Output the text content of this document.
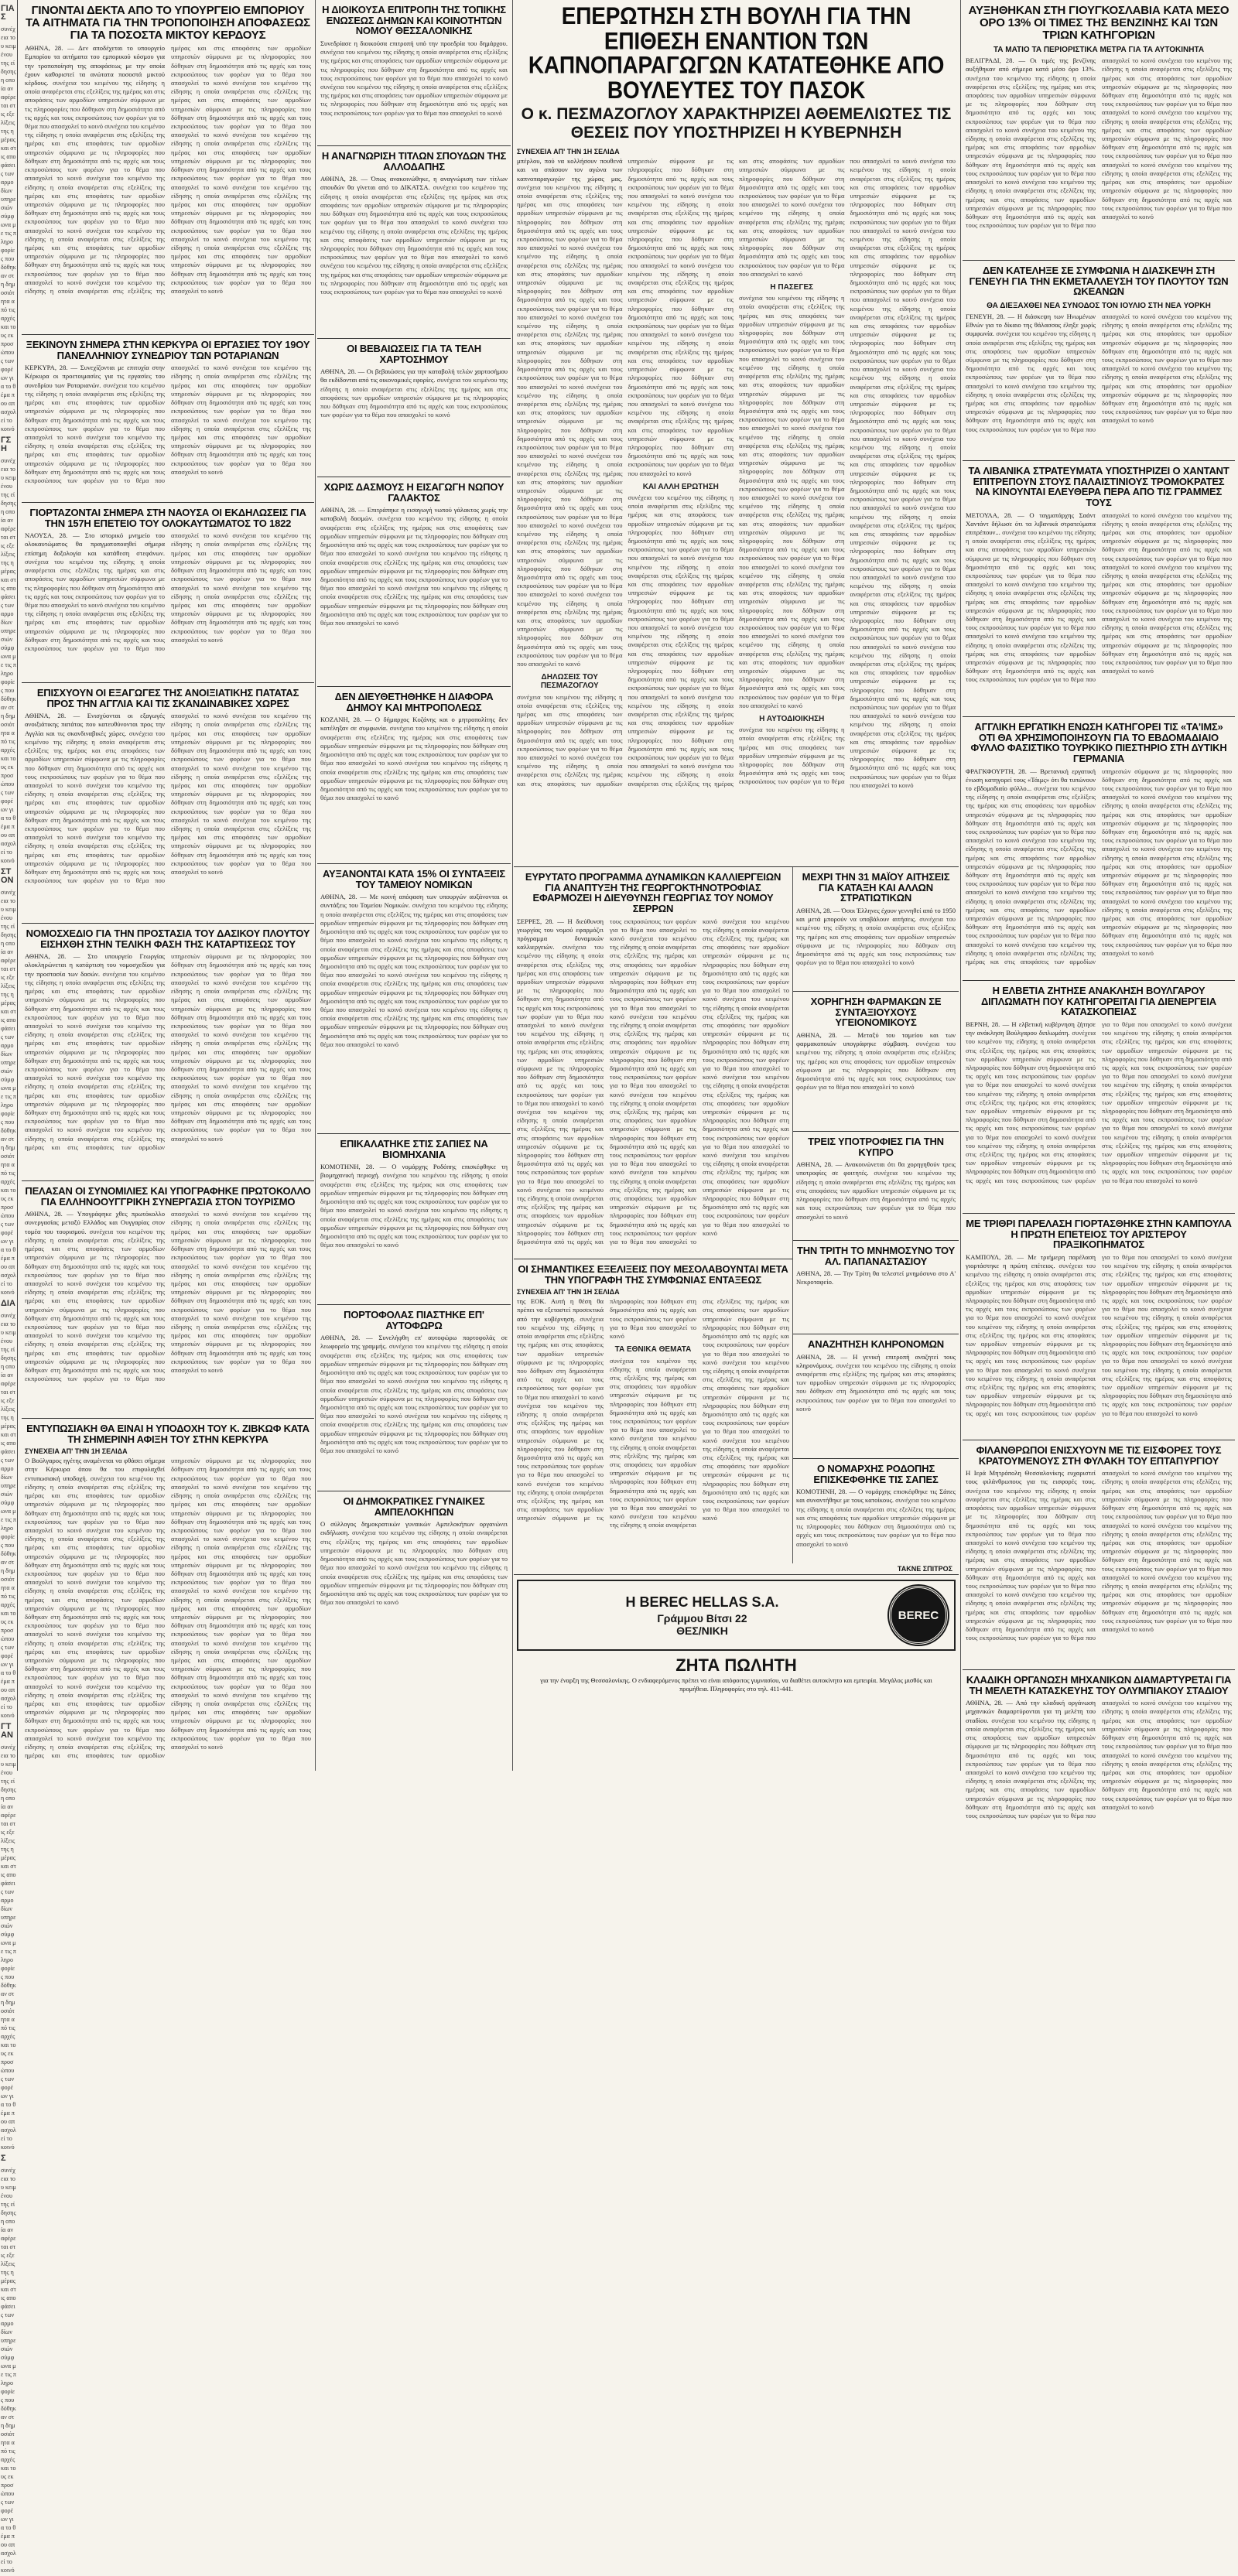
ΓΙΑΣ
συνέχεια του κειμένου της είδησης η οποία αναφέρεται στις εξελίξεις της ημέρας και στις αποφάσεις των αρμοδίων υπηρεσιών σύμφωνα με τις πληροφορίες που δόθηκαν στη δημοσιότητα από τις αρχές και τους εκπροσώπους των φορέων για το θέμα που απασχολεί το κοινό
ΓΣΗ
συνέχεια του κειμένου της είδησης η οποία αναφέρεται στις εξελίξεις της ημέρας και στις αποφάσεις των αρμοδίων υπηρεσιών σύμφωνα με τις πληροφορίες που δόθηκαν στη δημοσιότητα από τις αρχές και τους εκπροσώπους των φορέων για το θέμα που απασχολεί το κοινό
ΣΤΟΝ
συνέχεια του κειμένου της είδησης η οποία αναφέρεται στις εξελίξεις της ημέρας και στις αποφάσεις των αρμοδίων υπηρεσιών σύμφωνα με τις πληροφορίες που δόθηκαν στη δημοσιότητα από τις αρχές και τους εκπροσώπους των φορέων για το θέμα που απασχολεί το κοινό
ΔΙΑ
συνέχεια του κειμένου της είδησης η οποία αναφέρεται στις εξελίξεις της ημέρας και στις αποφάσεις των αρμοδίων υπηρεσιών σύμφωνα με τις πληροφορίες που δόθηκαν στη δημοσιότητα από τις αρχές και τους εκπροσώπους των φορέων για το θέμα που απασχολεί το κοινό
ΓΤΑΝ
συνέχεια του κειμένου της είδησης η οποία αναφέρεται στις εξελίξεις της ημέρας και στις αποφάσεις των αρμοδίων υπηρεσιών σύμφωνα με τις πληροφορίες που δόθηκαν στη δημοσιότητα από τις αρχές και τους εκπροσώπους των φορέων για το θέμα που απασχολεί το κοινό
Σ
συνέχεια του κειμένου της είδησης η οποία αναφέρεται στις εξελίξεις της ημέρας και στις αποφάσεις των αρμοδίων υπηρεσιών σύμφωνα με τις πληροφορίες που δόθηκαν στη δημοσιότητα από τις αρχές και τους εκπροσώπους των φορέων για το θέμα που απασχολεί το κοινό
ΓΙΝΟΝΤΑΙ ΔΕΚΤΑ ΑΠΟ ΤΟ ΥΠΟΥΡΓΕΙΟ ΕΜΠΟΡΙΟΥ ΤΑ ΑΙΤΗΜΑΤΑ ΓΙΑ ΤΗΝ ΤΡΟΠΟΠΟΙΗΣΗ ΑΠΟΦΑΣΕΩΣ ΓΙΑ ΤΑ ΠΟΣΟΣΤΑ ΜΙΚΤΟΥ ΚΕΡΔΟΥΣ
ΑΘΗΝΑ, 28. — Δεν αποδέχεται το υπουργείο Εμπορίου τα αιτήματα του εμπορικού κόσμου για την τροποποίηση της αποφάσεως με την οποία έχουν καθοριστεί τα ανώτατα ποσοστά μικτού κέρδους. συνέχεια του κειμένου της είδησης η οποία αναφέρεται στις εξελίξεις της ημέρας και στις αποφάσεις των αρμοδίων υπηρεσιών σύμφωνα με τις πληροφορίες που δόθηκαν στη δημοσιότητα από τις αρχές και τους εκπροσώπους των φορέων για το θέμα που απασχολεί το κοινό συνέχεια του κειμένου της είδησης η οποία αναφέρεται στις εξελίξεις της ημέρας και στις αποφάσεις των αρμοδίων υπηρεσιών σύμφωνα με τις πληροφορίες που δόθηκαν στη δημοσιότητα από τις αρχές και τους εκπροσώπους των φορέων για το θέμα που απασχολεί το κοινό συνέχεια του κειμένου της είδησης η οποία αναφέρεται στις εξελίξεις της ημέρας και στις αποφάσεις των αρμοδίων υπηρεσιών σύμφωνα με τις πληροφορίες που δόθηκαν στη δημοσιότητα από τις αρχές και τους εκπροσώπους των φορέων για το θέμα που απασχολεί το κοινό συνέχεια του κειμένου της είδησης η οποία αναφέρεται στις εξελίξεις της ημέρας και στις αποφάσεις των αρμοδίων υπηρεσιών σύμφωνα με τις πληροφορίες που δόθηκαν στη δημοσιότητα από τις αρχές και τους εκπροσώπους των φορέων για το θέμα που απασχολεί το κοινό συνέχεια του κειμένου της είδησης η οποία αναφέρεται στις εξελίξεις της ημέρας και στις αποφάσεις των αρμοδίων υπηρεσιών σύμφωνα με τις πληροφορίες που δόθηκαν στη δημοσιότητα από τις αρχές και τους εκπροσώπους των φορέων για το θέμα που απασχολεί το κοινό συνέχεια του κειμένου της είδησης η οποία αναφέρεται στις εξελίξεις της ημέρας και στις αποφάσεις των αρμοδίων υπηρεσιών σύμφωνα με τις πληροφορίες που δόθηκαν στη δημοσιότητα από τις αρχές και τους εκπροσώπους των φορέων για το θέμα που απασχολεί το κοινό συνέχεια του κειμένου της είδησης η οποία αναφέρεται στις εξελίξεις της ημέρας και στις αποφάσεις των αρμοδίων υπηρεσιών σύμφωνα με τις πληροφορίες που δόθηκαν στη δημοσιότητα από τις αρχές και τους εκπροσώπους των φορέων για το θέμα που απασχολεί το κοινό συνέχεια του κειμένου της είδησης η οποία αναφέρεται στις εξελίξεις της ημέρας και στις αποφάσεις των αρμοδίων υπηρεσιών σύμφωνα με τις πληροφορίες που δόθηκαν στη δημοσιότητα από τις αρχές και τους εκπροσώπους των φορέων για το θέμα που απασχολεί το κοινό συνέχεια του κειμένου της είδησης η οποία αναφέρεται στις εξελίξεις της ημέρας και στις αποφάσεις των αρμοδίων υπηρεσιών σύμφωνα με τις πληροφορίες που δόθηκαν στη δημοσιότητα από τις αρχές και τους εκπροσώπους των φορέων για το θέμα που απασχολεί το κοινό
ΞΕΚΙΝΟΥΝ ΣΗΜΕΡΑ ΣΤΗΝ ΚΕΡΚΥΡΑ ΟΙ ΕΡΓΑΣΙΕΣ ΤΟΥ 19ΟΥ ΠΑΝΕΛΛΗΝΙΟΥ ΣΥΝΕΔΡΙΟΥ ΤΩΝ ΡΟΤΑΡΙΑΝΩΝ
ΚΕΡΚΥΡΑ, 28. — Συνεχίζονται με επιτυχία στην Κέρκυρα οι προετοιμασίες για τις εργασίες του συνεδρίου των Ροταριανών. συνέχεια του κειμένου της είδησης η οποία αναφέρεται στις εξελίξεις της ημέρας και στις αποφάσεις των αρμοδίων υπηρεσιών σύμφωνα με τις πληροφορίες που δόθηκαν στη δημοσιότητα από τις αρχές και τους εκπροσώπους των φορέων για το θέμα που απασχολεί το κοινό συνέχεια του κειμένου της είδησης η οποία αναφέρεται στις εξελίξεις της ημέρας και στις αποφάσεις των αρμοδίων υπηρεσιών σύμφωνα με τις πληροφορίες που δόθηκαν στη δημοσιότητα από τις αρχές και τους εκπροσώπους των φορέων για το θέμα που απασχολεί το κοινό συνέχεια του κειμένου της είδησης η οποία αναφέρεται στις εξελίξεις της ημέρας και στις αποφάσεις των αρμοδίων υπηρεσιών σύμφωνα με τις πληροφορίες που δόθηκαν στη δημοσιότητα από τις αρχές και τους εκπροσώπους των φορέων για το θέμα που απασχολεί το κοινό συνέχεια του κειμένου της είδησης η οποία αναφέρεται στις εξελίξεις της ημέρας και στις αποφάσεις των αρμοδίων υπηρεσιών σύμφωνα με τις πληροφορίες που δόθηκαν στη δημοσιότητα από τις αρχές και τους εκπροσώπους των φορέων για το θέμα που απασχολεί το κοινό
ΓΙΟΡΤΑΖΟΝΤΑΙ ΣΗΜΕΡΑ ΣΤΗ ΝΑΟΥΣΑ ΟΙ ΕΚΔΗΛΩΣΕΙΣ ΓΙΑ ΤΗΝ 157Η ΕΠΕΤΕΙΟ ΤΟΥ ΟΛΟΚΑΥΤΩΜΑΤΟΣ ΤΟ 1822
ΝΑΟΥΣΑ, 28. — Στο ιστορικό μνημείο του ολοκαυτώματος θα πραγματοποιηθεί σήμερα επίσημη δοξολογία και κατάθεση στεφάνων. συνέχεια του κειμένου της είδησης η οποία αναφέρεται στις εξελίξεις της ημέρας και στις αποφάσεις των αρμοδίων υπηρεσιών σύμφωνα με τις πληροφορίες που δόθηκαν στη δημοσιότητα από τις αρχές και τους εκπροσώπους των φορέων για το θέμα που απασχολεί το κοινό συνέχεια του κειμένου της είδησης η οποία αναφέρεται στις εξελίξεις της ημέρας και στις αποφάσεις των αρμοδίων υπηρεσιών σύμφωνα με τις πληροφορίες που δόθηκαν στη δημοσιότητα από τις αρχές και τους εκπροσώπους των φορέων για το θέμα που απασχολεί το κοινό συνέχεια του κειμένου της είδησης η οποία αναφέρεται στις εξελίξεις της ημέρας και στις αποφάσεις των αρμοδίων υπηρεσιών σύμφωνα με τις πληροφορίες που δόθηκαν στη δημοσιότητα από τις αρχές και τους εκπροσώπους των φορέων για το θέμα που απασχολεί το κοινό συνέχεια του κειμένου της είδησης η οποία αναφέρεται στις εξελίξεις της ημέρας και στις αποφάσεις των αρμοδίων υπηρεσιών σύμφωνα με τις πληροφορίες που δόθηκαν στη δημοσιότητα από τις αρχές και τους εκπροσώπους των φορέων για το θέμα που απασχολεί το κοινό
ΕΠΙΣΧΥΟΥΝ ΟΙ ΕΞΑΓΩΓΕΣ ΤΗΣ ΑΝΟΙΞΙΑΤΙΚΗΣ ΠΑΤΑΤΑΣ ΠΡΟΣ ΤΗΝ ΑΓΓΛΙΑ ΚΑΙ ΤΙΣ ΣΚΑΝΔΙΝΑΒΙΚΕΣ ΧΩΡΕΣ
ΑΘΗΝΑ, 28. — Ενισχύονται οι εξαγωγές ανοιξιάτικης πατάτας που κατευθύνονται προς την Αγγλία και τις σκανδιναβικές χώρες. συνέχεια του κειμένου της είδησης η οποία αναφέρεται στις εξελίξεις της ημέρας και στις αποφάσεις των αρμοδίων υπηρεσιών σύμφωνα με τις πληροφορίες που δόθηκαν στη δημοσιότητα από τις αρχές και τους εκπροσώπους των φορέων για το θέμα που απασχολεί το κοινό συνέχεια του κειμένου της είδησης η οποία αναφέρεται στις εξελίξεις της ημέρας και στις αποφάσεις των αρμοδίων υπηρεσιών σύμφωνα με τις πληροφορίες που δόθηκαν στη δημοσιότητα από τις αρχές και τους εκπροσώπους των φορέων για το θέμα που απασχολεί το κοινό συνέχεια του κειμένου της είδησης η οποία αναφέρεται στις εξελίξεις της ημέρας και στις αποφάσεις των αρμοδίων υπηρεσιών σύμφωνα με τις πληροφορίες που δόθηκαν στη δημοσιότητα από τις αρχές και τους εκπροσώπους των φορέων για το θέμα που απασχολεί το κοινό συνέχεια του κειμένου της είδησης η οποία αναφέρεται στις εξελίξεις της ημέρας και στις αποφάσεις των αρμοδίων υπηρεσιών σύμφωνα με τις πληροφορίες που δόθηκαν στη δημοσιότητα από τις αρχές και τους εκπροσώπους των φορέων για το θέμα που απασχολεί το κοινό συνέχεια του κειμένου της είδησης η οποία αναφέρεται στις εξελίξεις της ημέρας και στις αποφάσεις των αρμοδίων υπηρεσιών σύμφωνα με τις πληροφορίες που δόθηκαν στη δημοσιότητα από τις αρχές και τους εκπροσώπους των φορέων για το θέμα που απασχολεί το κοινό συνέχεια του κειμένου της είδησης η οποία αναφέρεται στις εξελίξεις της ημέρας και στις αποφάσεις των αρμοδίων υπηρεσιών σύμφωνα με τις πληροφορίες που δόθηκαν στη δημοσιότητα από τις αρχές και τους εκπροσώπους των φορέων για το θέμα που απασχολεί το κοινό
ΝΟΜΟΣΧΕΔΙΟ ΓΙΑ ΤΗΝ ΠΡΟΣΤΑΣΙΑ ΤΟΥ ΔΑΣΙΚΟΥ ΠΛΟΥΤΟΥ ΕΙΣΗΧΘΗ ΣΤΗΝ ΤΕΛΙΚΗ ΦΑΣΗ ΤΗΣ ΚΑΤΑΡΤΙΣΕΩΣ ΤΟΥ
ΑΘΗΝΑ, 28. — Στο υπουργείο Γεωργίας ολοκληρώνεται η κατάρτιση του νομοσχεδίου για την προστασία των δασών. συνέχεια του κειμένου της είδησης η οποία αναφέρεται στις εξελίξεις της ημέρας και στις αποφάσεις των αρμοδίων υπηρεσιών σύμφωνα με τις πληροφορίες που δόθηκαν στη δημοσιότητα από τις αρχές και τους εκπροσώπους των φορέων για το θέμα που απασχολεί το κοινό συνέχεια του κειμένου της είδησης η οποία αναφέρεται στις εξελίξεις της ημέρας και στις αποφάσεις των αρμοδίων υπηρεσιών σύμφωνα με τις πληροφορίες που δόθηκαν στη δημοσιότητα από τις αρχές και τους εκπροσώπους των φορέων για το θέμα που απασχολεί το κοινό συνέχεια του κειμένου της είδησης η οποία αναφέρεται στις εξελίξεις της ημέρας και στις αποφάσεις των αρμοδίων υπηρεσιών σύμφωνα με τις πληροφορίες που δόθηκαν στη δημοσιότητα από τις αρχές και τους εκπροσώπους των φορέων για το θέμα που απασχολεί το κοινό συνέχεια του κειμένου της είδησης η οποία αναφέρεται στις εξελίξεις της ημέρας και στις αποφάσεις των αρμοδίων υπηρεσιών σύμφωνα με τις πληροφορίες που δόθηκαν στη δημοσιότητα από τις αρχές και τους εκπροσώπους των φορέων για το θέμα που απασχολεί το κοινό συνέχεια του κειμένου της είδησης η οποία αναφέρεται στις εξελίξεις της ημέρας και στις αποφάσεις των αρμοδίων υπηρεσιών σύμφωνα με τις πληροφορίες που δόθηκαν στη δημοσιότητα από τις αρχές και τους εκπροσώπους των φορέων για το θέμα που απασχολεί το κοινό συνέχεια του κειμένου της είδησης η οποία αναφέρεται στις εξελίξεις της ημέρας και στις αποφάσεις των αρμοδίων υπηρεσιών σύμφωνα με τις πληροφορίες που δόθηκαν στη δημοσιότητα από τις αρχές και τους εκπροσώπους των φορέων για το θέμα που απασχολεί το κοινό συνέχεια του κειμένου της είδησης η οποία αναφέρεται στις εξελίξεις της ημέρας και στις αποφάσεις των αρμοδίων υπηρεσιών σύμφωνα με τις πληροφορίες που δόθηκαν στη δημοσιότητα από τις αρχές και τους εκπροσώπους των φορέων για το θέμα που απασχολεί το κοινό
ΠΕΛΑΣΑΝ ΟΙ ΣΥΝΟΜΙΛΙΕΣ ΚΑΙ ΥΠΟΓΡΑΦΗΚΕ ΠΡΩΤΟΚΟΛΛΟ ΓΙΑ ΕΛΛΗΝΟΟΥΓΓΡΙΚΗ ΣΥΝΕΡΓΑΣΙΑ ΣΤΟΝ ΤΟΥΡΙΣΜΟ
ΑΘΗΝΑ, 28. — Υπογράφηκε χθες πρωτόκολλο συνεργασίας μεταξύ Ελλάδος και Ουγγαρίας στον τομέα του τουρισμού. συνέχεια του κειμένου της είδησης η οποία αναφέρεται στις εξελίξεις της ημέρας και στις αποφάσεις των αρμοδίων υπηρεσιών σύμφωνα με τις πληροφορίες που δόθηκαν στη δημοσιότητα από τις αρχές και τους εκπροσώπους των φορέων για το θέμα που απασχολεί το κοινό συνέχεια του κειμένου της είδησης η οποία αναφέρεται στις εξελίξεις της ημέρας και στις αποφάσεις των αρμοδίων υπηρεσιών σύμφωνα με τις πληροφορίες που δόθηκαν στη δημοσιότητα από τις αρχές και τους εκπροσώπους των φορέων για το θέμα που απασχολεί το κοινό συνέχεια του κειμένου της είδησης η οποία αναφέρεται στις εξελίξεις της ημέρας και στις αποφάσεις των αρμοδίων υπηρεσιών σύμφωνα με τις πληροφορίες που δόθηκαν στη δημοσιότητα από τις αρχές και τους εκπροσώπους των φορέων για το θέμα που απασχολεί το κοινό συνέχεια του κειμένου της είδησης η οποία αναφέρεται στις εξελίξεις της ημέρας και στις αποφάσεις των αρμοδίων υπηρεσιών σύμφωνα με τις πληροφορίες που δόθηκαν στη δημοσιότητα από τις αρχές και τους εκπροσώπους των φορέων για το θέμα που απασχολεί το κοινό συνέχεια του κειμένου της είδησης η οποία αναφέρεται στις εξελίξεις της ημέρας και στις αποφάσεις των αρμοδίων υπηρεσιών σύμφωνα με τις πληροφορίες που δόθηκαν στη δημοσιότητα από τις αρχές και τους εκπροσώπους των φορέων για το θέμα που απασχολεί το κοινό συνέχεια του κειμένου της είδησης η οποία αναφέρεται στις εξελίξεις της ημέρας και στις αποφάσεις των αρμοδίων υπηρεσιών σύμφωνα με τις πληροφορίες που δόθηκαν στη δημοσιότητα από τις αρχές και τους εκπροσώπους των φορέων για το θέμα που απασχολεί το κοινό
ΕΝΤΥΠΩΣΙΑΚΗ ΘΑ ΕΙΝΑΙ Η ΥΠΟΔΟΧΗ ΤΟΥ Κ. ΖΙΒΚΩΦ ΚΑΤΑ ΤΗ ΣΗΜΕΡΙΝΗ ΑΦΙΞΗ ΤΟΥ ΣΤΗΝ ΚΕΡΚΥΡΑ
ΣΥΝΕΧΕΙΑ ΑΠ' ΤΗΝ 1Η ΣΕΛΙΔΑ
Ο Βούλγαρος ηγέτης αναμένεται να φθάσει σήμερα στην Κέρκυρα όπου θα του επιφυλαχθεί εντυπωσιακή υποδοχή. συνέχεια του κειμένου της είδησης η οποία αναφέρεται στις εξελίξεις της ημέρας και στις αποφάσεις των αρμοδίων υπηρεσιών σύμφωνα με τις πληροφορίες που δόθηκαν στη δημοσιότητα από τις αρχές και τους εκπροσώπους των φορέων για το θέμα που απασχολεί το κοινό συνέχεια του κειμένου της είδησης η οποία αναφέρεται στις εξελίξεις της ημέρας και στις αποφάσεις των αρμοδίων υπηρεσιών σύμφωνα με τις πληροφορίες που δόθηκαν στη δημοσιότητα από τις αρχές και τους εκπροσώπους των φορέων για το θέμα που απασχολεί το κοινό συνέχεια του κειμένου της είδησης η οποία αναφέρεται στις εξελίξεις της ημέρας και στις αποφάσεις των αρμοδίων υπηρεσιών σύμφωνα με τις πληροφορίες που δόθηκαν στη δημοσιότητα από τις αρχές και τους εκπροσώπους των φορέων για το θέμα που απασχολεί το κοινό συνέχεια του κειμένου της είδησης η οποία αναφέρεται στις εξελίξεις της ημέρας και στις αποφάσεις των αρμοδίων υπηρεσιών σύμφωνα με τις πληροφορίες που δόθηκαν στη δημοσιότητα από τις αρχές και τους εκπροσώπους των φορέων για το θέμα που απασχολεί το κοινό συνέχεια του κειμένου της είδησης η οποία αναφέρεται στις εξελίξεις της ημέρας και στις αποφάσεις των αρμοδίων υπηρεσιών σύμφωνα με τις πληροφορίες που δόθηκαν στη δημοσιότητα από τις αρχές και τους εκπροσώπους των φορέων για το θέμα που απασχολεί το κοινό συνέχεια του κειμένου της είδησης η οποία αναφέρεται στις εξελίξεις της ημέρας και στις αποφάσεις των αρμοδίων υπηρεσιών σύμφωνα με τις πληροφορίες που δόθηκαν στη δημοσιότητα από τις αρχές και τους εκπροσώπους των φορέων για το θέμα που απασχολεί το κοινό συνέχεια του κειμένου της είδησης η οποία αναφέρεται στις εξελίξεις της ημέρας και στις αποφάσεις των αρμοδίων υπηρεσιών σύμφωνα με τις πληροφορίες που δόθηκαν στη δημοσιότητα από τις αρχές και τους εκπροσώπους των φορέων για το θέμα που απασχολεί το κοινό συνέχεια του κειμένου της είδησης η οποία αναφέρεται στις εξελίξεις της ημέρας και στις αποφάσεις των αρμοδίων υπηρεσιών σύμφωνα με τις πληροφορίες που δόθηκαν στη δημοσιότητα από τις αρχές και τους εκπροσώπους των φορέων για το θέμα που απασχολεί το κοινό συνέχεια του κειμένου της είδησης η οποία αναφέρεται στις εξελίξεις της ημέρας και στις αποφάσεις των αρμοδίων υπηρεσιών σύμφωνα με τις πληροφορίες που δόθηκαν στη δημοσιότητα από τις αρχές και τους εκπροσώπους των φορέων για το θέμα που απασχολεί το κοινό συνέχεια του κειμένου της είδησης η οποία αναφέρεται στις εξελίξεις της ημέρας και στις αποφάσεις των αρμοδίων υπηρεσιών σύμφωνα με τις πληροφορίες που δόθηκαν στη δημοσιότητα από τις αρχές και τους εκπροσώπους των φορέων για το θέμα που απασχολεί το κοινό συνέχεια του κειμένου της είδησης η οποία αναφέρεται στις εξελίξεις της ημέρας και στις αποφάσεις των αρμοδίων υπηρεσιών σύμφωνα με τις πληροφορίες που δόθηκαν στη δημοσιότητα από τις αρχές και τους εκπροσώπους των φορέων για το θέμα που απασχολεί το κοινό
Η ΔΙΟΙΚΟΥΣΑ ΕΠΙΤΡΟΠΗ ΤΗΣ ΤΟΠΙΚΗΣ ΕΝΩΣΕΩΣ ΔΗΜΩΝ ΚΑΙ ΚΟΙΝΟΤΗΤΩΝ ΝΟΜΟΥ ΘΕΣΣΑΛΟΝΙΚΗΣ
Συνεδρίασε η διοικούσα επιτροπή υπό την προεδρία του δημάρχου. συνέχεια του κειμένου της είδησης η οποία αναφέρεται στις εξελίξεις της ημέρας και στις αποφάσεις των αρμοδίων υπηρεσιών σύμφωνα με τις πληροφορίες που δόθηκαν στη δημοσιότητα από τις αρχές και τους εκπροσώπους των φορέων για το θέμα που απασχολεί το κοινό συνέχεια του κειμένου της είδησης η οποία αναφέρεται στις εξελίξεις της ημέρας και στις αποφάσεις των αρμοδίων υπηρεσιών σύμφωνα με τις πληροφορίες που δόθηκαν στη δημοσιότητα από τις αρχές και τους εκπροσώπους των φορέων για το θέμα που απασχολεί το κοινό
Η ΑΝΑΓΝΩΡΙΣΗ ΤΙΤΛΩΝ ΣΠΟΥΔΩΝ ΤΗΣ ΑΛΛΟΔΑΠΗΣ
ΑΘΗΝΑ, 28. — Όπως ανακοινώθηκε, η αναγνώριση των τίτλων σπουδών θα γίνεται από το ΔΙΚΑΤΣΑ. συνέχεια του κειμένου της είδησης η οποία αναφέρεται στις εξελίξεις της ημέρας και στις αποφάσεις των αρμοδίων υπηρεσιών σύμφωνα με τις πληροφορίες που δόθηκαν στη δημοσιότητα από τις αρχές και τους εκπροσώπους των φορέων για το θέμα που απασχολεί το κοινό συνέχεια του κειμένου της είδησης η οποία αναφέρεται στις εξελίξεις της ημέρας και στις αποφάσεις των αρμοδίων υπηρεσιών σύμφωνα με τις πληροφορίες που δόθηκαν στη δημοσιότητα από τις αρχές και τους εκπροσώπους των φορέων για το θέμα που απασχολεί το κοινό συνέχεια του κειμένου της είδησης η οποία αναφέρεται στις εξελίξεις της ημέρας και στις αποφάσεις των αρμοδίων υπηρεσιών σύμφωνα με τις πληροφορίες που δόθηκαν στη δημοσιότητα από τις αρχές και τους εκπροσώπους των φορέων για το θέμα που απασχολεί το κοινό
ΟΙ ΒΕΒΑΙΩΣΕΙΣ ΓΙΑ ΤΑ ΤΕΛΗ ΧΑΡΤΟΣΗΜΟΥ
ΑΘΗΝΑ, 28. — Οι βεβαιώσεις για την καταβολή τελών χαρτοσήμου θα εκδίδονται από τις οικονομικές εφορίες. συνέχεια του κειμένου της είδησης η οποία αναφέρεται στις εξελίξεις της ημέρας και στις αποφάσεις των αρμοδίων υπηρεσιών σύμφωνα με τις πληροφορίες που δόθηκαν στη δημοσιότητα από τις αρχές και τους εκπροσώπους των φορέων για το θέμα που απασχολεί το κοινό
ΧΩΡΙΣ ΔΑΣΜΟΥΣ Η ΕΙΣΑΓΩΓΗ ΝΩΠΟΥ ΓΑΛΑΚΤΟΣ
ΑΘΗΝΑ, 28. — Επιτράπηκε η εισαγωγή νωπού γάλακτος χωρίς την καταβολή δασμών. συνέχεια του κειμένου της είδησης η οποία αναφέρεται στις εξελίξεις της ημέρας και στις αποφάσεις των αρμοδίων υπηρεσιών σύμφωνα με τις πληροφορίες που δόθηκαν στη δημοσιότητα από τις αρχές και τους εκπροσώπους των φορέων για το θέμα που απασχολεί το κοινό συνέχεια του κειμένου της είδησης η οποία αναφέρεται στις εξελίξεις της ημέρας και στις αποφάσεις των αρμοδίων υπηρεσιών σύμφωνα με τις πληροφορίες που δόθηκαν στη δημοσιότητα από τις αρχές και τους εκπροσώπους των φορέων για το θέμα που απασχολεί το κοινό συνέχεια του κειμένου της είδησης η οποία αναφέρεται στις εξελίξεις της ημέρας και στις αποφάσεις των αρμοδίων υπηρεσιών σύμφωνα με τις πληροφορίες που δόθηκαν στη δημοσιότητα από τις αρχές και τους εκπροσώπους των φορέων για το θέμα που απασχολεί το κοινό
ΔΕΝ ΔΙΕΥΘΕΤΗΘΗΚΕ Η ΔΙΑΦΟΡΑ ΔΗΜΟΥ ΚΑΙ ΜΗΤΡΟΠΟΛΕΩΣ
ΚΟΖΑΝΗ, 28. — Ο δήμαρχος Κοζάνης και ο μητροπολίτης δεν κατέληξαν σε συμφωνία. συνέχεια του κειμένου της είδησης η οποία αναφέρεται στις εξελίξεις της ημέρας και στις αποφάσεις των αρμοδίων υπηρεσιών σύμφωνα με τις πληροφορίες που δόθηκαν στη δημοσιότητα από τις αρχές και τους εκπροσώπους των φορέων για το θέμα που απασχολεί το κοινό συνέχεια του κειμένου της είδησης η οποία αναφέρεται στις εξελίξεις της ημέρας και στις αποφάσεις των αρμοδίων υπηρεσιών σύμφωνα με τις πληροφορίες που δόθηκαν στη δημοσιότητα από τις αρχές και τους εκπροσώπους των φορέων για το θέμα που απασχολεί το κοινό
ΑΥΞΑΝΟΝΤΑΙ ΚΑΤΑ 15% ΟΙ ΣΥΝΤΑΞΕΙΣ ΤΟΥ ΤΑΜΕΙΟΥ ΝΟΜΙΚΩΝ
ΑΘΗΝΑ, 28. — Με κοινή απόφαση των υπουργών αυξάνονται οι συντάξεις του Ταμείου Νομικών. συνέχεια του κειμένου της είδησης η οποία αναφέρεται στις εξελίξεις της ημέρας και στις αποφάσεις των αρμοδίων υπηρεσιών σύμφωνα με τις πληροφορίες που δόθηκαν στη δημοσιότητα από τις αρχές και τους εκπροσώπους των φορέων για το θέμα που απασχολεί το κοινό συνέχεια του κειμένου της είδησης η οποία αναφέρεται στις εξελίξεις της ημέρας και στις αποφάσεις των αρμοδίων υπηρεσιών σύμφωνα με τις πληροφορίες που δόθηκαν στη δημοσιότητα από τις αρχές και τους εκπροσώπους των φορέων για το θέμα που απασχολεί το κοινό συνέχεια του κειμένου της είδησης η οποία αναφέρεται στις εξελίξεις της ημέρας και στις αποφάσεις των αρμοδίων υπηρεσιών σύμφωνα με τις πληροφορίες που δόθηκαν στη δημοσιότητα από τις αρχές και τους εκπροσώπους των φορέων για το θέμα που απασχολεί το κοινό συνέχεια του κειμένου της είδησης η οποία αναφέρεται στις εξελίξεις της ημέρας και στις αποφάσεις των αρμοδίων υπηρεσιών σύμφωνα με τις πληροφορίες που δόθηκαν στη δημοσιότητα από τις αρχές και τους εκπροσώπους των φορέων για το θέμα που απασχολεί το κοινό
ΕΠΙΚΑΛΑΤΗΚΕ ΣΤΙΣ ΣΑΠΙΕΣ ΝΑ ΒΙΟΜΗΧΑΝΙΑ
ΚΟΜΟΤΗΝΗ, 28. — Ο νομάρχης Ροδόπης επισκέφθηκε τη βιομηχανική περιοχή. συνέχεια του κειμένου της είδησης η οποία αναφέρεται στις εξελίξεις της ημέρας και στις αποφάσεις των αρμοδίων υπηρεσιών σύμφωνα με τις πληροφορίες που δόθηκαν στη δημοσιότητα από τις αρχές και τους εκπροσώπους των φορέων για το θέμα που απασχολεί το κοινό συνέχεια του κειμένου της είδησης η οποία αναφέρεται στις εξελίξεις της ημέρας και στις αποφάσεις των αρμοδίων υπηρεσιών σύμφωνα με τις πληροφορίες που δόθηκαν στη δημοσιότητα από τις αρχές και τους εκπροσώπους των φορέων για το θέμα που απασχολεί το κοινό
ΠΟΡΤΟΦΟΛΑΣ ΠΙΑΣΤΗΚΕ ΕΠ' ΑΥΤΟΦΩΡΩ
ΑΘΗΝΑ, 28. — Συνελήφθη επ' αυτοφώρω πορτοφολάς σε λεωφορείο της γραμμής. συνέχεια του κειμένου της είδησης η οποία αναφέρεται στις εξελίξεις της ημέρας και στις αποφάσεις των αρμοδίων υπηρεσιών σύμφωνα με τις πληροφορίες που δόθηκαν στη δημοσιότητα από τις αρχές και τους εκπροσώπους των φορέων για το θέμα που απασχολεί το κοινό συνέχεια του κειμένου της είδησης η οποία αναφέρεται στις εξελίξεις της ημέρας και στις αποφάσεις των αρμοδίων υπηρεσιών σύμφωνα με τις πληροφορίες που δόθηκαν στη δημοσιότητα από τις αρχές και τους εκπροσώπους των φορέων για το θέμα που απασχολεί το κοινό συνέχεια του κειμένου της είδησης η οποία αναφέρεται στις εξελίξεις της ημέρας και στις αποφάσεις των αρμοδίων υπηρεσιών σύμφωνα με τις πληροφορίες που δόθηκαν στη δημοσιότητα από τις αρχές και τους εκπροσώπους των φορέων για το θέμα που απασχολεί το κοινό
ΟΙ ΔΗΜΟΚΡΑΤΙΚΕΣ ΓΥΝΑΙΚΕΣ ΑΜΠΕΛΟΚΗΠΩΝ
Ο σύλλογος δημοκρατικών γυναικών Αμπελοκήπων οργανώνει εκδήλωση. συνέχεια του κειμένου της είδησης η οποία αναφέρεται στις εξελίξεις της ημέρας και στις αποφάσεις των αρμοδίων υπηρεσιών σύμφωνα με τις πληροφορίες που δόθηκαν στη δημοσιότητα από τις αρχές και τους εκπροσώπους των φορέων για το θέμα που απασχολεί το κοινό συνέχεια του κειμένου της είδησης η οποία αναφέρεται στις εξελίξεις της ημέρας και στις αποφάσεις των αρμοδίων υπηρεσιών σύμφωνα με τις πληροφορίες που δόθηκαν στη δημοσιότητα από τις αρχές και τους εκπροσώπους των φορέων για το θέμα που απασχολεί το κοινό
ΕΠΕΡΩΤΗΣΗ ΣΤΗ ΒΟΥΛΗ ΓΙΑ ΤΗΝ ΕΠΙΘΕΣΗ ΕΝΑΝΤΙΟΝ ΤΩΝ ΚΑΠΝΟΠΑΡΑΓΩΓΩΝ ΚΑΤΑΤΕΘΗΚΕ ΑΠΟ ΒΟΥΛΕΥΤΕΣ ΤΟΥ ΠΑΣΟΚ
Ο κ. ΠΕΣΜΑΖΟΓΛΟΥ ΧΑΡΑΚΤΗΡΙΖΕΙ ΑΘΕΜΕΛΙΩΤΕΣ ΤΙΣ ΘΕΣΕΙΣ ΠΟΥ ΥΠΟΣΤΗΡΙΖΕΙ Η ΚΥΒΕΡΝΗΣΗ
ΣΥΝΕΧΕΙΑ ΑΠ' ΤΗΝ 1Η ΣΕΛΙΔΑ
μπέρλου, πού να κολλήσουν πουθενά και να σπάσουν τον αγώνα των καπνοπαραγωγών της χώρας μας. συνέχεια του κειμένου της είδησης η οποία αναφέρεται στις εξελίξεις της ημέρας και στις αποφάσεις των αρμοδίων υπηρεσιών σύμφωνα με τις πληροφορίες που δόθηκαν στη δημοσιότητα από τις αρχές και τους εκπροσώπους των φορέων για το θέμα που απασχολεί το κοινό συνέχεια του κειμένου της είδησης η οποία αναφέρεται στις εξελίξεις της ημέρας και στις αποφάσεις των αρμοδίων υπηρεσιών σύμφωνα με τις πληροφορίες που δόθηκαν στη δημοσιότητα από τις αρχές και τους εκπροσώπους των φορέων για το θέμα που απασχολεί το κοινό συνέχεια του κειμένου της είδησης η οποία αναφέρεται στις εξελίξεις της ημέρας και στις αποφάσεις των αρμοδίων υπηρεσιών σύμφωνα με τις πληροφορίες που δόθηκαν στη δημοσιότητα από τις αρχές και τους εκπροσώπους των φορέων για το θέμα που απασχολεί το κοινό συνέχεια του κειμένου της είδησης η οποία αναφέρεται στις εξελίξεις της ημέρας και στις αποφάσεις των αρμοδίων υπηρεσιών σύμφωνα με τις πληροφορίες που δόθηκαν στη δημοσιότητα από τις αρχές και τους εκπροσώπους των φορέων για το θέμα που απασχολεί το κοινό συνέχεια του κειμένου της είδησης η οποία αναφέρεται στις εξελίξεις της ημέρας και στις αποφάσεις των αρμοδίων υπηρεσιών σύμφωνα με τις πληροφορίες που δόθηκαν στη δημοσιότητα από τις αρχές και τους εκπροσώπους των φορέων για το θέμα που απασχολεί το κοινό συνέχεια του κειμένου της είδησης η οποία αναφέρεται στις εξελίξεις της ημέρας και στις αποφάσεις των αρμοδίων υπηρεσιών σύμφωνα με τις πληροφορίες που δόθηκαν στη δημοσιότητα από τις αρχές και τους εκπροσώπους των φορέων για το θέμα που απασχολεί το κοινό συνέχεια του κειμένου της είδησης η οποία αναφέρεται στις εξελίξεις της ημέρας και στις αποφάσεις των αρμοδίων υπηρεσιών σύμφωνα με τις πληροφορίες που δόθηκαν στη δημοσιότητα από τις αρχές και τους εκπροσώπους των φορέων για το θέμα που απασχολεί το κοινό
ΔΗΛΩΣΕΙΣ ΤΟΥ ΠΕΣΜΑΖΟΓΛΟΥ
συνέχεια του κειμένου της είδησης η οποία αναφέρεται στις εξελίξεις της ημέρας και στις αποφάσεις των αρμοδίων υπηρεσιών σύμφωνα με τις πληροφορίες που δόθηκαν στη δημοσιότητα από τις αρχές και τους εκπροσώπους των φορέων για το θέμα που απασχολεί το κοινό συνέχεια του κειμένου της είδησης η οποία αναφέρεται στις εξελίξεις της ημέρας και στις αποφάσεις των αρμοδίων υπηρεσιών σύμφωνα με τις πληροφορίες που δόθηκαν στη δημοσιότητα από τις αρχές και τους εκπροσώπους των φορέων για το θέμα που απασχολεί το κοινό συνέχεια του κειμένου της είδησης η οποία αναφέρεται στις εξελίξεις της ημέρας και στις αποφάσεις των αρμοδίων υπηρεσιών σύμφωνα με τις πληροφορίες που δόθηκαν στη δημοσιότητα από τις αρχές και τους εκπροσώπους των φορέων για το θέμα που απασχολεί το κοινό συνέχεια του κειμένου της είδησης η οποία αναφέρεται στις εξελίξεις της ημέρας και στις αποφάσεις των αρμοδίων υπηρεσιών σύμφωνα με τις πληροφορίες που δόθηκαν στη δημοσιότητα από τις αρχές και τους εκπροσώπους των φορέων για το θέμα που απασχολεί το κοινό συνέχεια του κειμένου της είδησης η οποία αναφέρεται στις εξελίξεις της ημέρας και στις αποφάσεις των αρμοδίων υπηρεσιών σύμφωνα με τις πληροφορίες που δόθηκαν στη δημοσιότητα από τις αρχές και τους εκπροσώπους των φορέων για το θέμα που απασχολεί το κοινό συνέχεια του κειμένου της είδησης η οποία αναφέρεται στις εξελίξεις της ημέρας και στις αποφάσεις των αρμοδίων υπηρεσιών σύμφωνα με τις πληροφορίες που δόθηκαν στη δημοσιότητα από τις αρχές και τους εκπροσώπους των φορέων για το θέμα που απασχολεί το κοινό
ΚΑΙ ΑΛΛΗ ΕΡΩΤΗΣΗ
συνέχεια του κειμένου της είδησης η οποία αναφέρεται στις εξελίξεις της ημέρας και στις αποφάσεις των αρμοδίων υπηρεσιών σύμφωνα με τις πληροφορίες που δόθηκαν στη δημοσιότητα από τις αρχές και τους εκπροσώπους των φορέων για το θέμα που απασχολεί το κοινό συνέχεια του κειμένου της είδησης η οποία αναφέρεται στις εξελίξεις της ημέρας και στις αποφάσεις των αρμοδίων υπηρεσιών σύμφωνα με τις πληροφορίες που δόθηκαν στη δημοσιότητα από τις αρχές και τους εκπροσώπους των φορέων για το θέμα που απασχολεί το κοινό συνέχεια του κειμένου της είδησης η οποία αναφέρεται στις εξελίξεις της ημέρας και στις αποφάσεις των αρμοδίων υπηρεσιών σύμφωνα με τις πληροφορίες που δόθηκαν στη δημοσιότητα από τις αρχές και τους εκπροσώπους των φορέων για το θέμα που απασχολεί το κοινό συνέχεια του κειμένου της είδησης η οποία αναφέρεται στις εξελίξεις της ημέρας και στις αποφάσεις των αρμοδίων υπηρεσιών σύμφωνα με τις πληροφορίες που δόθηκαν στη δημοσιότητα από τις αρχές και τους εκπροσώπους των φορέων για το θέμα που απασχολεί το κοινό συνέχεια του κειμένου της είδησης η οποία αναφέρεται στις εξελίξεις της ημέρας και στις αποφάσεις των αρμοδίων υπηρεσιών σύμφωνα με τις πληροφορίες που δόθηκαν στη δημοσιότητα από τις αρχές και τους εκπροσώπους των φορέων για το θέμα που απασχολεί το κοινό συνέχεια του κειμένου της είδησης η οποία αναφέρεται στις εξελίξεις της ημέρας και στις αποφάσεις των αρμοδίων υπηρεσιών σύμφωνα με τις πληροφορίες που δόθηκαν στη δημοσιότητα από τις αρχές και τους εκπροσώπους των φορέων για το θέμα που απασχολεί το κοινό
Η ΠΑΣΕΓΕΣ
συνέχεια του κειμένου της είδησης η οποία αναφέρεται στις εξελίξεις της ημέρας και στις αποφάσεις των αρμοδίων υπηρεσιών σύμφωνα με τις πληροφορίες που δόθηκαν στη δημοσιότητα από τις αρχές και τους εκπροσώπους των φορέων για το θέμα που απασχολεί το κοινό συνέχεια του κειμένου της είδησης η οποία αναφέρεται στις εξελίξεις της ημέρας και στις αποφάσεις των αρμοδίων υπηρεσιών σύμφωνα με τις πληροφορίες που δόθηκαν στη δημοσιότητα από τις αρχές και τους εκπροσώπους των φορέων για το θέμα που απασχολεί το κοινό συνέχεια του κειμένου της είδησης η οποία αναφέρεται στις εξελίξεις της ημέρας και στις αποφάσεις των αρμοδίων υπηρεσιών σύμφωνα με τις πληροφορίες που δόθηκαν στη δημοσιότητα από τις αρχές και τους εκπροσώπους των φορέων για το θέμα που απασχολεί το κοινό συνέχεια του κειμένου της είδησης η οποία αναφέρεται στις εξελίξεις της ημέρας και στις αποφάσεις των αρμοδίων υπηρεσιών σύμφωνα με τις πληροφορίες που δόθηκαν στη δημοσιότητα από τις αρχές και τους εκπροσώπους των φορέων για το θέμα που απασχολεί το κοινό συνέχεια του κειμένου της είδησης η οποία αναφέρεται στις εξελίξεις της ημέρας και στις αποφάσεις των αρμοδίων υπηρεσιών σύμφωνα με τις πληροφορίες που δόθηκαν στη δημοσιότητα από τις αρχές και τους εκπροσώπους των φορέων για το θέμα που απασχολεί το κοινό συνέχεια του κειμένου της είδησης η οποία αναφέρεται στις εξελίξεις της ημέρας και στις αποφάσεις των αρμοδίων υπηρεσιών σύμφωνα με τις πληροφορίες που δόθηκαν στη δημοσιότητα από τις αρχές και τους εκπροσώπους των φορέων για το θέμα που απασχολεί το κοινό
Η ΑΥΤΟΔΙΟΙΚΗΣΗ
συνέχεια του κειμένου της είδησης η οποία αναφέρεται στις εξελίξεις της ημέρας και στις αποφάσεις των αρμοδίων υπηρεσιών σύμφωνα με τις πληροφορίες που δόθηκαν στη δημοσιότητα από τις αρχές και τους εκπροσώπους των φορέων για το θέμα που απασχολεί το κοινό συνέχεια του κειμένου της είδησης η οποία αναφέρεται στις εξελίξεις της ημέρας και στις αποφάσεις των αρμοδίων υπηρεσιών σύμφωνα με τις πληροφορίες που δόθηκαν στη δημοσιότητα από τις αρχές και τους εκπροσώπους των φορέων για το θέμα που απασχολεί το κοινό συνέχεια του κειμένου της είδησης η οποία αναφέρεται στις εξελίξεις της ημέρας και στις αποφάσεις των αρμοδίων υπηρεσιών σύμφωνα με τις πληροφορίες που δόθηκαν στη δημοσιότητα από τις αρχές και τους εκπροσώπους των φορέων για το θέμα που απασχολεί το κοινό συνέχεια του κειμένου της είδησης η οποία αναφέρεται στις εξελίξεις της ημέρας και στις αποφάσεις των αρμοδίων υπηρεσιών σύμφωνα με τις πληροφορίες που δόθηκαν στη δημοσιότητα από τις αρχές και τους εκπροσώπους των φορέων για το θέμα που απασχολεί το κοινό συνέχεια του κειμένου της είδησης η οποία αναφέρεται στις εξελίξεις της ημέρας και στις αποφάσεις των αρμοδίων υπηρεσιών σύμφωνα με τις πληροφορίες που δόθηκαν στη δημοσιότητα από τις αρχές και τους εκπροσώπους των φορέων για το θέμα που απασχολεί το κοινό συνέχεια του κειμένου της είδησης η οποία αναφέρεται στις εξελίξεις της ημέρας και στις αποφάσεις των αρμοδίων υπηρεσιών σύμφωνα με τις πληροφορίες που δόθηκαν στη δημοσιότητα από τις αρχές και τους εκπροσώπους των φορέων για το θέμα που απασχολεί το κοινό συνέχεια του κειμένου της είδησης η οποία αναφέρεται στις εξελίξεις της ημέρας και στις αποφάσεις των αρμοδίων υπηρεσιών σύμφωνα με τις πληροφορίες που δόθηκαν στη δημοσιότητα από τις αρχές και τους εκπροσώπους των φορέων για το θέμα που απασχολεί το κοινό συνέχεια του κειμένου της είδησης η οποία αναφέρεται στις εξελίξεις της ημέρας και στις αποφάσεις των αρμοδίων υπηρεσιών σύμφωνα με τις πληροφορίες που δόθηκαν στη δημοσιότητα από τις αρχές και τους εκπροσώπους των φορέων για το θέμα που απασχολεί το κοινό συνέχεια του κειμένου της είδησης η οποία αναφέρεται στις εξελίξεις της ημέρας και στις αποφάσεις των αρμοδίων υπηρεσιών σύμφωνα με τις πληροφορίες που δόθηκαν στη δημοσιότητα από τις αρχές και τους εκπροσώπους των φορέων για το θέμα που απασχολεί το κοινό συνέχεια του κειμένου της είδησης η οποία αναφέρεται στις εξελίξεις της ημέρας και στις αποφάσεις των αρμοδίων υπηρεσιών σύμφωνα με τις πληροφορίες που δόθηκαν στη δημοσιότητα από τις αρχές και τους εκπροσώπους των φορέων για το θέμα που απασχολεί το κοινό
ΕΥΡΥΤΑΤΟ ΠΡΟΓΡΑΜΜΑ ΔΥΝΑΜΙΚΩΝ ΚΑΛΛΙΕΡΓΕΙΩΝ ΓΙΑ ΑΝΑΠΤΥΞΗ ΤΗΣ ΓΕΩΡΓΟΚΤΗΝΟΤΡΟΦΙΑΣ ΕΦΑΡΜΟΖΕΙ Η ΔΙΕΥΘΥΝΣΗ ΓΕΩΡΓΙΑΣ ΤΟΥ ΝΟΜΟΥ ΣΕΡΡΩΝ
ΣΕΡΡΕΣ, 28. — Η διεύθυνση γεωργίας του νομού εφαρμόζει πρόγραμμα δυναμικών καλλιεργειών. συνέχεια του κειμένου της είδησης η οποία αναφέρεται στις εξελίξεις της ημέρας και στις αποφάσεις των αρμοδίων υπηρεσιών σύμφωνα με τις πληροφορίες που δόθηκαν στη δημοσιότητα από τις αρχές και τους εκπροσώπους των φορέων για το θέμα που απασχολεί το κοινό συνέχεια του κειμένου της είδησης η οποία αναφέρεται στις εξελίξεις της ημέρας και στις αποφάσεις των αρμοδίων υπηρεσιών σύμφωνα με τις πληροφορίες που δόθηκαν στη δημοσιότητα από τις αρχές και τους εκπροσώπους των φορέων για το θέμα που απασχολεί το κοινό συνέχεια του κειμένου της είδησης η οποία αναφέρεται στις εξελίξεις της ημέρας και στις αποφάσεις των αρμοδίων υπηρεσιών σύμφωνα με τις πληροφορίες που δόθηκαν στη δημοσιότητα από τις αρχές και τους εκπροσώπους των φορέων για το θέμα που απασχολεί το κοινό συνέχεια του κειμένου της είδησης η οποία αναφέρεται στις εξελίξεις της ημέρας και στις αποφάσεις των αρμοδίων υπηρεσιών σύμφωνα με τις πληροφορίες που δόθηκαν στη δημοσιότητα από τις αρχές και τους εκπροσώπους των φορέων για το θέμα που απασχολεί το κοινό συνέχεια του κειμένου της είδησης η οποία αναφέρεται στις εξελίξεις της ημέρας και στις αποφάσεις των αρμοδίων υπηρεσιών σύμφωνα με τις πληροφορίες που δόθηκαν στη δημοσιότητα από τις αρχές και τους εκπροσώπους των φορέων για το θέμα που απασχολεί το κοινό συνέχεια του κειμένου της είδησης η οποία αναφέρεται στις εξελίξεις της ημέρας και στις αποφάσεις των αρμοδίων υπηρεσιών σύμφωνα με τις πληροφορίες που δόθηκαν στη δημοσιότητα από τις αρχές και τους εκπροσώπους των φορέων για το θέμα που απασχολεί το κοινό συνέχεια του κειμένου της είδησης η οποία αναφέρεται στις εξελίξεις της ημέρας και στις αποφάσεις των αρμοδίων υπηρεσιών σύμφωνα με τις πληροφορίες που δόθηκαν στη δημοσιότητα από τις αρχές και τους εκπροσώπους των φορέων για το θέμα που απασχολεί το κοινό συνέχεια του κειμένου της είδησης η οποία αναφέρεται στις εξελίξεις της ημέρας και στις αποφάσεις των αρμοδίων υπηρεσιών σύμφωνα με τις πληροφορίες που δόθηκαν στη δημοσιότητα από τις αρχές και τους εκπροσώπους των φορέων για το θέμα που απασχολεί το κοινό συνέχεια του κειμένου της είδησης η οποία αναφέρεται στις εξελίξεις της ημέρας και στις αποφάσεις των αρμοδίων υπηρεσιών σύμφωνα με τις πληροφορίες που δόθηκαν στη δημοσιότητα από τις αρχές και τους εκπροσώπους των φορέων για το θέμα που απασχολεί το κοινό συνέχεια του κειμένου της είδησης η οποία αναφέρεται στις εξελίξεις της ημέρας και στις αποφάσεις των αρμοδίων υπηρεσιών σύμφωνα με τις πληροφορίες που δόθηκαν στη δημοσιότητα από τις αρχές και τους εκπροσώπους των φορέων για το θέμα που απασχολεί το κοινό συνέχεια του κειμένου της είδησης η οποία αναφέρεται στις εξελίξεις της ημέρας και στις αποφάσεις των αρμοδίων υπηρεσιών σύμφωνα με τις πληροφορίες που δόθηκαν στη δημοσιότητα από τις αρχές και τους εκπροσώπους των φορέων για το θέμα που απασχολεί το κοινό συνέχεια του κειμένου της είδησης η οποία αναφέρεται στις εξελίξεις της ημέρας και στις αποφάσεις των αρμοδίων υπηρεσιών σύμφωνα με τις πληροφορίες που δόθηκαν στη δημοσιότητα από τις αρχές και τους εκπροσώπους των φορέων για το θέμα που απασχολεί το κοινό
ΟΙ ΣΗΜΑΝΤΙΚΕΣ ΕΞΕΛΙΞΕΙΣ ΠΟΥ ΜΕΣΟΛΑΒΟΥΝΤΑΙ ΜΕΤΑ ΤΗΝ ΥΠΟΓΡΑΦΗ ΤΗΣ ΣΥΜΦΩΝΙΑΣ ΕΝΤΑΞΕΩΣ
ΣΥΝΕΧΕΙΑ ΑΠ' ΤΗΝ 1Η ΣΕΛΙΔΑ
της ΕΟΚ. Αυτή η θέση θα πρέπει να εξεταστεί προσεκτικά από την κυβέρνηση. συνέχεια του κειμένου της είδησης η οποία αναφέρεται στις εξελίξεις της ημέρας και στις αποφάσεις των αρμοδίων υπηρεσιών σύμφωνα με τις πληροφορίες που δόθηκαν στη δημοσιότητα από τις αρχές και τους εκπροσώπους των φορέων για το θέμα που απασχολεί το κοινό συνέχεια του κειμένου της είδησης η οποία αναφέρεται στις εξελίξεις της ημέρας και στις αποφάσεις των αρμοδίων υπηρεσιών σύμφωνα με τις πληροφορίες που δόθηκαν στη δημοσιότητα από τις αρχές και τους εκπροσώπους των φορέων για το θέμα που απασχολεί το κοινό συνέχεια του κειμένου της είδησης η οποία αναφέρεται στις εξελίξεις της ημέρας και στις αποφάσεις των αρμοδίων υπηρεσιών σύμφωνα με τις πληροφορίες που δόθηκαν στη δημοσιότητα από τις αρχές και τους εκπροσώπους των φορέων για το θέμα που απασχολεί το κοινό
ΤΑ ΕΘΝΙΚΑ ΘΕΜΑΤΑ
συνέχεια του κειμένου της είδησης η οποία αναφέρεται στις εξελίξεις της ημέρας και στις αποφάσεις των αρμοδίων υπηρεσιών σύμφωνα με τις πληροφορίες που δόθηκαν στη δημοσιότητα από τις αρχές και τους εκπροσώπους των φορέων για το θέμα που απασχολεί το κοινό συνέχεια του κειμένου της είδησης η οποία αναφέρεται στις εξελίξεις της ημέρας και στις αποφάσεις των αρμοδίων υπηρεσιών σύμφωνα με τις πληροφορίες που δόθηκαν στη δημοσιότητα από τις αρχές και τους εκπροσώπους των φορέων για το θέμα που απασχολεί το κοινό συνέχεια του κειμένου της είδησης η οποία αναφέρεται στις εξελίξεις της ημέρας και στις αποφάσεις των αρμοδίων υπηρεσιών σύμφωνα με τις πληροφορίες που δόθηκαν στη δημοσιότητα από τις αρχές και τους εκπροσώπους των φορέων για το θέμα που απασχολεί το κοινό συνέχεια του κειμένου της είδησης η οποία αναφέρεται στις εξελίξεις της ημέρας και στις αποφάσεις των αρμοδίων υπηρεσιών σύμφωνα με τις πληροφορίες που δόθηκαν στη δημοσιότητα από τις αρχές και τους εκπροσώπους των φορέων για το θέμα που απασχολεί το κοινό συνέχεια του κειμένου της είδησης η οποία αναφέρεται στις εξελίξεις της ημέρας και στις αποφάσεις των αρμοδίων υπηρεσιών σύμφωνα με τις πληροφορίες που δόθηκαν στη δημοσιότητα από τις αρχές και τους εκπροσώπους των φορέων για το θέμα που απασχολεί το κοινό
ΜΕΧΡΙ ΤΗΝ 31 ΜΑΪΟΥ ΑΙΤΗΣΕΙΣ ΓΙΑ ΚΑΤΑΞΗ ΚΑΙ ΑΛΛΩΝ ΣΤΡΑΤΙΩΤΙΚΩΝ
ΑΘΗΝΑ, 28. — Όσοι Έλληνες έχουν γεννηθεί από το 1950 και μετά μπορούν να υποβάλουν αιτήσεις. συνέχεια του κειμένου της είδησης η οποία αναφέρεται στις εξελίξεις της ημέρας και στις αποφάσεις των αρμοδίων υπηρεσιών σύμφωνα με τις πληροφορίες που δόθηκαν στη δημοσιότητα από τις αρχές και τους εκπροσώπους των φορέων για το θέμα που απασχολεί το κοινό
ΧΟΡΗΓΗΣΗ ΦΑΡΜΑΚΩΝ ΣΕ ΣΥΝΤΑΞΙΟΥΧΟΥΣ ΥΓΕΙΟΝΟΜΙΚΟΥΣ
ΑΘΗΝΑ, 28. — Μεταξύ του ταμείου και των φαρμακοποιών υπογράφηκε σύμβαση. συνέχεια του κειμένου της είδησης η οποία αναφέρεται στις εξελίξεις της ημέρας και στις αποφάσεις των αρμοδίων υπηρεσιών σύμφωνα με τις πληροφορίες που δόθηκαν στη δημοσιότητα από τις αρχές και τους εκπροσώπους των φορέων για το θέμα που απασχολεί το κοινό
ΤΡΕΙΣ ΥΠΟΤΡΟΦΙΕΣ ΓΙΑ ΤΗΝ ΚΥΠΡΟ
ΑΘΗΝΑ, 28. — Ανακοινώνεται ότι θα χορηγηθούν τρεις υποτροφίες σε φοιτητές. συνέχεια του κειμένου της είδησης η οποία αναφέρεται στις εξελίξεις της ημέρας και στις αποφάσεις των αρμοδίων υπηρεσιών σύμφωνα με τις πληροφορίες που δόθηκαν στη δημοσιότητα από τις αρχές και τους εκπροσώπους των φορέων για το θέμα που απασχολεί το κοινό
ΤΗΝ ΤΡΙΤΗ ΤΟ ΜΝΗΜΟΣΥΝΟ ΤΟΥ ΑΛ. ΠΑΠΑΝΑΣΤΑΣΙΟΥ
ΑΘΗΝΑ, 28. — Την Τρίτη θα τελεστεί μνημόσυνο στο Α' Νεκροταφείο.
ΑΝΑΖΗΤΗΣΗ ΚΛΗΡΟΝΟΜΩΝ
ΑΘΗΝΑ, 28. — Η γενική επιτροπή αναζητεί τους κληρονόμους. συνέχεια του κειμένου της είδησης η οποία αναφέρεται στις εξελίξεις της ημέρας και στις αποφάσεις των αρμοδίων υπηρεσιών σύμφωνα με τις πληροφορίες που δόθηκαν στη δημοσιότητα από τις αρχές και τους εκπροσώπους των φορέων για το θέμα που απασχολεί το κοινό
Ο ΝΟΜΑΡΧΗΣ ΡΟΔΟΠΗΣ ΕΠΙΣΚΕΦΘΗΚΕ ΤΙΣ ΣΑΠΕΣ
ΚΟΜΟΤΗΝΗ, 28. — Ο νομάρχης επισκέφθηκε τις Σάπες και συναντήθηκε με τους κατοίκους. συνέχεια του κειμένου της είδησης η οποία αναφέρεται στις εξελίξεις της ημέρας και στις αποφάσεις των αρμοδίων υπηρεσιών σύμφωνα με τις πληροφορίες που δόθηκαν στη δημοσιότητα από τις αρχές και τους εκπροσώπους των φορέων για το θέμα που απασχολεί το κοινό
ΤΑΚΝΕ ΣΠΙΤΡΟΣ
Η BEREC HELLAS S.A.
Γράμμου Βίτσι 22
ΘΕΣ/ΝΙΚΗ
BEREC
ΖΗΤΑ ΠΩΛΗΤΗ
για την έναρξη της Θεσσαλονίκης. Ο ενδιαφερόμενος πρέπει να είναι απόφοιτος γυμνασίου, να διαθέτει αυτοκίνητο και εμπειρία. Μεγάλος μισθός και προμήθεια. Πληροφορίες στο τηλ. 411-441.
ΑΥΞΗΘΗΚΑΝ ΣΤΗ ΓΙΟΥΓΚΟΣΛΑΒΙΑ ΚΑΤΑ ΜΕΣΟ ΟΡΟ 13% ΟΙ ΤΙΜΕΣ ΤΗΣ ΒΕΝΖΙΝΗΣ ΚΑΙ ΤΩΝ ΤΡΙΩΝ ΚΑΤΗΓΟΡΙΩΝ
ΤΑ ΜΑΤΙΟ ΤΑ ΠΕΡΙΟΡΙΣΤΙΚΑ ΜΕΤΡΑ ΓΙΑ ΤΑ ΑΥΤΟΚΙΝΗΤΑ
ΒΕΛΙΓΡΑΔΙ, 28. — Οι τιμές της βενζίνης αυξήθηκαν από σήμερα κατά μέσο όρο 13%. συνέχεια του κειμένου της είδησης η οποία αναφέρεται στις εξελίξεις της ημέρας και στις αποφάσεις των αρμοδίων υπηρεσιών σύμφωνα με τις πληροφορίες που δόθηκαν στη δημοσιότητα από τις αρχές και τους εκπροσώπους των φορέων για το θέμα που απασχολεί το κοινό συνέχεια του κειμένου της είδησης η οποία αναφέρεται στις εξελίξεις της ημέρας και στις αποφάσεις των αρμοδίων υπηρεσιών σύμφωνα με τις πληροφορίες που δόθηκαν στη δημοσιότητα από τις αρχές και τους εκπροσώπους των φορέων για το θέμα που απασχολεί το κοινό συνέχεια του κειμένου της είδησης η οποία αναφέρεται στις εξελίξεις της ημέρας και στις αποφάσεις των αρμοδίων υπηρεσιών σύμφωνα με τις πληροφορίες που δόθηκαν στη δημοσιότητα από τις αρχές και τους εκπροσώπους των φορέων για το θέμα που απασχολεί το κοινό συνέχεια του κειμένου της είδησης η οποία αναφέρεται στις εξελίξεις της ημέρας και στις αποφάσεις των αρμοδίων υπηρεσιών σύμφωνα με τις πληροφορίες που δόθηκαν στη δημοσιότητα από τις αρχές και τους εκπροσώπους των φορέων για το θέμα που απασχολεί το κοινό συνέχεια του κειμένου της είδησης η οποία αναφέρεται στις εξελίξεις της ημέρας και στις αποφάσεις των αρμοδίων υπηρεσιών σύμφωνα με τις πληροφορίες που δόθηκαν στη δημοσιότητα από τις αρχές και τους εκπροσώπους των φορέων για το θέμα που απασχολεί το κοινό συνέχεια του κειμένου της είδησης η οποία αναφέρεται στις εξελίξεις της ημέρας και στις αποφάσεις των αρμοδίων υπηρεσιών σύμφωνα με τις πληροφορίες που δόθηκαν στη δημοσιότητα από τις αρχές και τους εκπροσώπους των φορέων για το θέμα που απασχολεί το κοινό
ΔΕΝ ΚΑΤΕΛΗΞΕ ΣΕ ΣΥΜΦΩΝΙΑ Η ΔΙΑΣΚΕΨΗ ΣΤΗ ΓΕΝΕΥΗ ΓΙΑ ΤΗΝ ΕΚΜΕΤΑΛΛΕΥΣΗ ΤΟΥ ΠΛΟΥΤΟΥ ΤΩΝ ΩΚΕΑΝΩΝ
ΘΑ ΔΙΕΞΑΧΘΕΙ ΝΕΑ ΣΥΝΟΔΟΣ ΤΟΝ ΙΟΥΛΙΟ ΣΤΗ ΝΕΑ ΥΟΡΚΗ
ΓΕΝΕΥΗ, 28. — Η διάσκεψη των Ηνωμένων Εθνών για το δίκαιο της θάλασσας έληξε χωρίς συμφωνία. συνέχεια του κειμένου της είδησης η οποία αναφέρεται στις εξελίξεις της ημέρας και στις αποφάσεις των αρμοδίων υπηρεσιών σύμφωνα με τις πληροφορίες που δόθηκαν στη δημοσιότητα από τις αρχές και τους εκπροσώπους των φορέων για το θέμα που απασχολεί το κοινό συνέχεια του κειμένου της είδησης η οποία αναφέρεται στις εξελίξεις της ημέρας και στις αποφάσεις των αρμοδίων υπηρεσιών σύμφωνα με τις πληροφορίες που δόθηκαν στη δημοσιότητα από τις αρχές και τους εκπροσώπους των φορέων για το θέμα που απασχολεί το κοινό συνέχεια του κειμένου της είδησης η οποία αναφέρεται στις εξελίξεις της ημέρας και στις αποφάσεις των αρμοδίων υπηρεσιών σύμφωνα με τις πληροφορίες που δόθηκαν στη δημοσιότητα από τις αρχές και τους εκπροσώπους των φορέων για το θέμα που απασχολεί το κοινό συνέχεια του κειμένου της είδησης η οποία αναφέρεται στις εξελίξεις της ημέρας και στις αποφάσεις των αρμοδίων υπηρεσιών σύμφωνα με τις πληροφορίες που δόθηκαν στη δημοσιότητα από τις αρχές και τους εκπροσώπους των φορέων για το θέμα που απασχολεί το κοινό
ΤΑ ΛΙΒΑΝΙΚΑ ΣΤΡΑΤΕΥΜΑΤΑ ΥΠΟΣΤΗΡΙΖΕΙ Ο ΧΑΝΤΑΝΤ ΕΠΙΤΡΕΠΟΥΝ ΣΤΟΥΣ ΠΑΛΑΙΣΤΙΝΙΟΥΣ ΤΡΟΜΟΚΡΑΤΕΣ ΝΑ ΚΙΝΟΥΝΤΑΙ ΕΛΕΥΘΕΡΑ ΠΕΡΑ ΑΠΟ ΤΙΣ ΓΡΑΜΜΕΣ ΤΟΥΣ
ΜΕΤΟΥΛΑ, 28. — Ο ταγματάρχης Σαάντ Χαντάντ δήλωσε ότι τα λιβανικά στρατεύματα επιτρέπουν... συνέχεια του κειμένου της είδησης η οποία αναφέρεται στις εξελίξεις της ημέρας και στις αποφάσεις των αρμοδίων υπηρεσιών σύμφωνα με τις πληροφορίες που δόθηκαν στη δημοσιότητα από τις αρχές και τους εκπροσώπους των φορέων για το θέμα που απασχολεί το κοινό συνέχεια του κειμένου της είδησης η οποία αναφέρεται στις εξελίξεις της ημέρας και στις αποφάσεις των αρμοδίων υπηρεσιών σύμφωνα με τις πληροφορίες που δόθηκαν στη δημοσιότητα από τις αρχές και τους εκπροσώπους των φορέων για το θέμα που απασχολεί το κοινό συνέχεια του κειμένου της είδησης η οποία αναφέρεται στις εξελίξεις της ημέρας και στις αποφάσεις των αρμοδίων υπηρεσιών σύμφωνα με τις πληροφορίες που δόθηκαν στη δημοσιότητα από τις αρχές και τους εκπροσώπους των φορέων για το θέμα που απασχολεί το κοινό συνέχεια του κειμένου της είδησης η οποία αναφέρεται στις εξελίξεις της ημέρας και στις αποφάσεις των αρμοδίων υπηρεσιών σύμφωνα με τις πληροφορίες που δόθηκαν στη δημοσιότητα από τις αρχές και τους εκπροσώπους των φορέων για το θέμα που απασχολεί το κοινό συνέχεια του κειμένου της είδησης η οποία αναφέρεται στις εξελίξεις της ημέρας και στις αποφάσεις των αρμοδίων υπηρεσιών σύμφωνα με τις πληροφορίες που δόθηκαν στη δημοσιότητα από τις αρχές και τους εκπροσώπους των φορέων για το θέμα που απασχολεί το κοινό συνέχεια του κειμένου της είδησης η οποία αναφέρεται στις εξελίξεις της ημέρας και στις αποφάσεις των αρμοδίων υπηρεσιών σύμφωνα με τις πληροφορίες που δόθηκαν στη δημοσιότητα από τις αρχές και τους εκπροσώπους των φορέων για το θέμα που απασχολεί το κοινό
ΑΓΓΛΙΚΗ ΕΡΓΑΤΙΚΗ ΕΝΩΣΗ ΚΑΤΗΓΟΡΕΙ ΤΙΣ «ΤΑ'ΙΜΣ» ΟΤΙ ΘΑ ΧΡΗΣΙΜΟΠΟΙΗΣΟΥΝ ΓΙΑ ΤΟ ΕΒΔΟΜΑΔΙΑΙΟ ΦΥΛΛΟ ΦΑΣΙΣΤΙΚΟ ΤΟΥΡΚΙΚΟ ΠΙΕΣΤΗΡΙΟ ΣΤΗ ΔΥΤΙΚΗ ΓΕΡΜΑΝΙΑ
ΦΡΑΓΚΦΟΥΡΤΗ, 28. — Βρετανική εργατική ένωση κατηγορεί τους «Τάιμς» ότι θα τυπώνουν το εβδομαδιαίο φύλλο... συνέχεια του κειμένου της είδησης η οποία αναφέρεται στις εξελίξεις της ημέρας και στις αποφάσεις των αρμοδίων υπηρεσιών σύμφωνα με τις πληροφορίες που δόθηκαν στη δημοσιότητα από τις αρχές και τους εκπροσώπους των φορέων για το θέμα που απασχολεί το κοινό συνέχεια του κειμένου της είδησης η οποία αναφέρεται στις εξελίξεις της ημέρας και στις αποφάσεις των αρμοδίων υπηρεσιών σύμφωνα με τις πληροφορίες που δόθηκαν στη δημοσιότητα από τις αρχές και τους εκπροσώπους των φορέων για το θέμα που απασχολεί το κοινό συνέχεια του κειμένου της είδησης η οποία αναφέρεται στις εξελίξεις της ημέρας και στις αποφάσεις των αρμοδίων υπηρεσιών σύμφωνα με τις πληροφορίες που δόθηκαν στη δημοσιότητα από τις αρχές και τους εκπροσώπους των φορέων για το θέμα που απασχολεί το κοινό συνέχεια του κειμένου της είδησης η οποία αναφέρεται στις εξελίξεις της ημέρας και στις αποφάσεις των αρμοδίων υπηρεσιών σύμφωνα με τις πληροφορίες που δόθηκαν στη δημοσιότητα από τις αρχές και τους εκπροσώπους των φορέων για το θέμα που απασχολεί το κοινό συνέχεια του κειμένου της είδησης η οποία αναφέρεται στις εξελίξεις της ημέρας και στις αποφάσεις των αρμοδίων υπηρεσιών σύμφωνα με τις πληροφορίες που δόθηκαν στη δημοσιότητα από τις αρχές και τους εκπροσώπους των φορέων για το θέμα που απασχολεί το κοινό συνέχεια του κειμένου της είδησης η οποία αναφέρεται στις εξελίξεις της ημέρας και στις αποφάσεις των αρμοδίων υπηρεσιών σύμφωνα με τις πληροφορίες που δόθηκαν στη δημοσιότητα από τις αρχές και τους εκπροσώπους των φορέων για το θέμα που απασχολεί το κοινό συνέχεια του κειμένου της είδησης η οποία αναφέρεται στις εξελίξεις της ημέρας και στις αποφάσεις των αρμοδίων υπηρεσιών σύμφωνα με τις πληροφορίες που δόθηκαν στη δημοσιότητα από τις αρχές και τους εκπροσώπους των φορέων για το θέμα που απασχολεί το κοινό
Η ΕΛΒΕΤΙΑ ΖΗΤΗΣΕ ΑΝΑΚΛΗΣΗ ΒΟΥΛΓΑΡΟΥ ΔΙΠΛΩΜΑΤΗ ΠΟΥ ΚΑΤΗΓΟΡΕΙΤΑΙ ΓΙΑ ΔΙΕΝΕΡΓΕΙΑ ΚΑΤΑΣΚΟΠΕΙΑΣ
ΒΕΡΝΗ, 28. — Η ελβετική κυβέρνηση ζήτησε την ανάκληση Βούλγαρου διπλωμάτη. συνέχεια του κειμένου της είδησης η οποία αναφέρεται στις εξελίξεις της ημέρας και στις αποφάσεις των αρμοδίων υπηρεσιών σύμφωνα με τις πληροφορίες που δόθηκαν στη δημοσιότητα από τις αρχές και τους εκπροσώπους των φορέων για το θέμα που απασχολεί το κοινό συνέχεια του κειμένου της είδησης η οποία αναφέρεται στις εξελίξεις της ημέρας και στις αποφάσεις των αρμοδίων υπηρεσιών σύμφωνα με τις πληροφορίες που δόθηκαν στη δημοσιότητα από τις αρχές και τους εκπροσώπους των φορέων για το θέμα που απασχολεί το κοινό συνέχεια του κειμένου της είδησης η οποία αναφέρεται στις εξελίξεις της ημέρας και στις αποφάσεις των αρμοδίων υπηρεσιών σύμφωνα με τις πληροφορίες που δόθηκαν στη δημοσιότητα από τις αρχές και τους εκπροσώπους των φορέων για το θέμα που απασχολεί το κοινό συνέχεια του κειμένου της είδησης η οποία αναφέρεται στις εξελίξεις της ημέρας και στις αποφάσεις των αρμοδίων υπηρεσιών σύμφωνα με τις πληροφορίες που δόθηκαν στη δημοσιότητα από τις αρχές και τους εκπροσώπους των φορέων για το θέμα που απασχολεί το κοινό συνέχεια του κειμένου της είδησης η οποία αναφέρεται στις εξελίξεις της ημέρας και στις αποφάσεις των αρμοδίων υπηρεσιών σύμφωνα με τις πληροφορίες που δόθηκαν στη δημοσιότητα από τις αρχές και τους εκπροσώπους των φορέων για το θέμα που απασχολεί το κοινό συνέχεια του κειμένου της είδησης η οποία αναφέρεται στις εξελίξεις της ημέρας και στις αποφάσεις των αρμοδίων υπηρεσιών σύμφωνα με τις πληροφορίες που δόθηκαν στη δημοσιότητα από τις αρχές και τους εκπροσώπους των φορέων για το θέμα που απασχολεί το κοινό
ΜΕ ΤΡΙΘΡΙ ΠΑΡΕΛΑΣΗ ΓΙΟΡΤΑΣΘΗΚΕ ΣΤΗΝ ΚΑΜΠΟΥΛΑ Η ΠΡΩΤΗ ΕΠΕΤΕΙΟΣ ΤΟΥ ΑΡΙΣΤΕΡΟΥ ΠΡΑΞΙΚΟΠΗΜΑΤΟΣ
ΚΑΜΠΟΥΛ, 28. — Με τριήμερη παρέλαση γιορτάστηκε η πρώτη επέτειος. συνέχεια του κειμένου της είδησης η οποία αναφέρεται στις εξελίξεις της ημέρας και στις αποφάσεις των αρμοδίων υπηρεσιών σύμφωνα με τις πληροφορίες που δόθηκαν στη δημοσιότητα από τις αρχές και τους εκπροσώπους των φορέων για το θέμα που απασχολεί το κοινό συνέχεια του κειμένου της είδησης η οποία αναφέρεται στις εξελίξεις της ημέρας και στις αποφάσεις των αρμοδίων υπηρεσιών σύμφωνα με τις πληροφορίες που δόθηκαν στη δημοσιότητα από τις αρχές και τους εκπροσώπους των φορέων για το θέμα που απασχολεί το κοινό συνέχεια του κειμένου της είδησης η οποία αναφέρεται στις εξελίξεις της ημέρας και στις αποφάσεις των αρμοδίων υπηρεσιών σύμφωνα με τις πληροφορίες που δόθηκαν στη δημοσιότητα από τις αρχές και τους εκπροσώπους των φορέων για το θέμα που απασχολεί το κοινό συνέχεια του κειμένου της είδησης η οποία αναφέρεται στις εξελίξεις της ημέρας και στις αποφάσεις των αρμοδίων υπηρεσιών σύμφωνα με τις πληροφορίες που δόθηκαν στη δημοσιότητα από τις αρχές και τους εκπροσώπους των φορέων για το θέμα που απασχολεί το κοινό συνέχεια του κειμένου της είδησης η οποία αναφέρεται στις εξελίξεις της ημέρας και στις αποφάσεις των αρμοδίων υπηρεσιών σύμφωνα με τις πληροφορίες που δόθηκαν στη δημοσιότητα από τις αρχές και τους εκπροσώπους των φορέων για το θέμα που απασχολεί το κοινό συνέχεια του κειμένου της είδησης η οποία αναφέρεται στις εξελίξεις της ημέρας και στις αποφάσεις των αρμοδίων υπηρεσιών σύμφωνα με τις πληροφορίες που δόθηκαν στη δημοσιότητα από τις αρχές και τους εκπροσώπους των φορέων για το θέμα που απασχολεί το κοινό
ΦΙΛΑΝΘΡΩΠΟΙ ΕΝΙΣΧΥΟΥΝ ΜΕ ΤΙΣ ΕΙΣΦΟΡΕΣ ΤΟΥΣ ΚΡΑΤΟΥΜΕΝΟΥΣ ΣΤΗ ΦΥΛΑΚΗ ΤΟΥ ΕΠΤΑΠΥΡΓΙΟΥ
Η Ιερά Μητρόπολη Θεσσαλονίκης ευχαριστεί τους φιλάνθρωπους για τις εισφορές τους. συνέχεια του κειμένου της είδησης η οποία αναφέρεται στις εξελίξεις της ημέρας και στις αποφάσεις των αρμοδίων υπηρεσιών σύμφωνα με τις πληροφορίες που δόθηκαν στη δημοσιότητα από τις αρχές και τους εκπροσώπους των φορέων για το θέμα που απασχολεί το κοινό συνέχεια του κειμένου της είδησης η οποία αναφέρεται στις εξελίξεις της ημέρας και στις αποφάσεις των αρμοδίων υπηρεσιών σύμφωνα με τις πληροφορίες που δόθηκαν στη δημοσιότητα από τις αρχές και τους εκπροσώπους των φορέων για το θέμα που απασχολεί το κοινό συνέχεια του κειμένου της είδησης η οποία αναφέρεται στις εξελίξεις της ημέρας και στις αποφάσεις των αρμοδίων υπηρεσιών σύμφωνα με τις πληροφορίες που δόθηκαν στη δημοσιότητα από τις αρχές και τους εκπροσώπους των φορέων για το θέμα που απασχολεί το κοινό συνέχεια του κειμένου της είδησης η οποία αναφέρεται στις εξελίξεις της ημέρας και στις αποφάσεις των αρμοδίων υπηρεσιών σύμφωνα με τις πληροφορίες που δόθηκαν στη δημοσιότητα από τις αρχές και τους εκπροσώπους των φορέων για το θέμα που απασχολεί το κοινό συνέχεια του κειμένου της είδησης η οποία αναφέρεται στις εξελίξεις της ημέρας και στις αποφάσεις των αρμοδίων υπηρεσιών σύμφωνα με τις πληροφορίες που δόθηκαν στη δημοσιότητα από τις αρχές και τους εκπροσώπους των φορέων για το θέμα που απασχολεί το κοινό συνέχεια του κειμένου της είδησης η οποία αναφέρεται στις εξελίξεις της ημέρας και στις αποφάσεις των αρμοδίων υπηρεσιών σύμφωνα με τις πληροφορίες που δόθηκαν στη δημοσιότητα από τις αρχές και τους εκπροσώπους των φορέων για το θέμα που απασχολεί το κοινό
ΚΛΑΔΙΚΗ ΟΡΓΑΝΩΣΗ ΜΗΧΑΝΙΚΩΝ ΔΙΑΜΑΡΤΥΡΕΤΑΙ ΓΙΑ ΤΗ ΜΕΛΕΤΗ ΚΑΤΑΣΚΕΥΗΣ ΤΟΥ ΟΛΥΜΠΙΑΚΟΥ ΣΤΑΔΙΟΥ
ΑΘΗΝΑ, 28. — Από την κλαδική οργάνωση μηχανικών διαμαρτύρονται για τη μελέτη του σταδίου. συνέχεια του κειμένου της είδησης η οποία αναφέρεται στις εξελίξεις της ημέρας και στις αποφάσεις των αρμοδίων υπηρεσιών σύμφωνα με τις πληροφορίες που δόθηκαν στη δημοσιότητα από τις αρχές και τους εκπροσώπους των φορέων για το θέμα που απασχολεί το κοινό συνέχεια του κειμένου της είδησης η οποία αναφέρεται στις εξελίξεις της ημέρας και στις αποφάσεις των αρμοδίων υπηρεσιών σύμφωνα με τις πληροφορίες που δόθηκαν στη δημοσιότητα από τις αρχές και τους εκπροσώπους των φορέων για το θέμα που απασχολεί το κοινό συνέχεια του κειμένου της είδησης η οποία αναφέρεται στις εξελίξεις της ημέρας και στις αποφάσεις των αρμοδίων υπηρεσιών σύμφωνα με τις πληροφορίες που δόθηκαν στη δημοσιότητα από τις αρχές και τους εκπροσώπους των φορέων για το θέμα που απασχολεί το κοινό συνέχεια του κειμένου της είδησης η οποία αναφέρεται στις εξελίξεις της ημέρας και στις αποφάσεις των αρμοδίων υπηρεσιών σύμφωνα με τις πληροφορίες που δόθηκαν στη δημοσιότητα από τις αρχές και τους εκπροσώπους των φορέων για το θέμα που απασχολεί το κοινό
